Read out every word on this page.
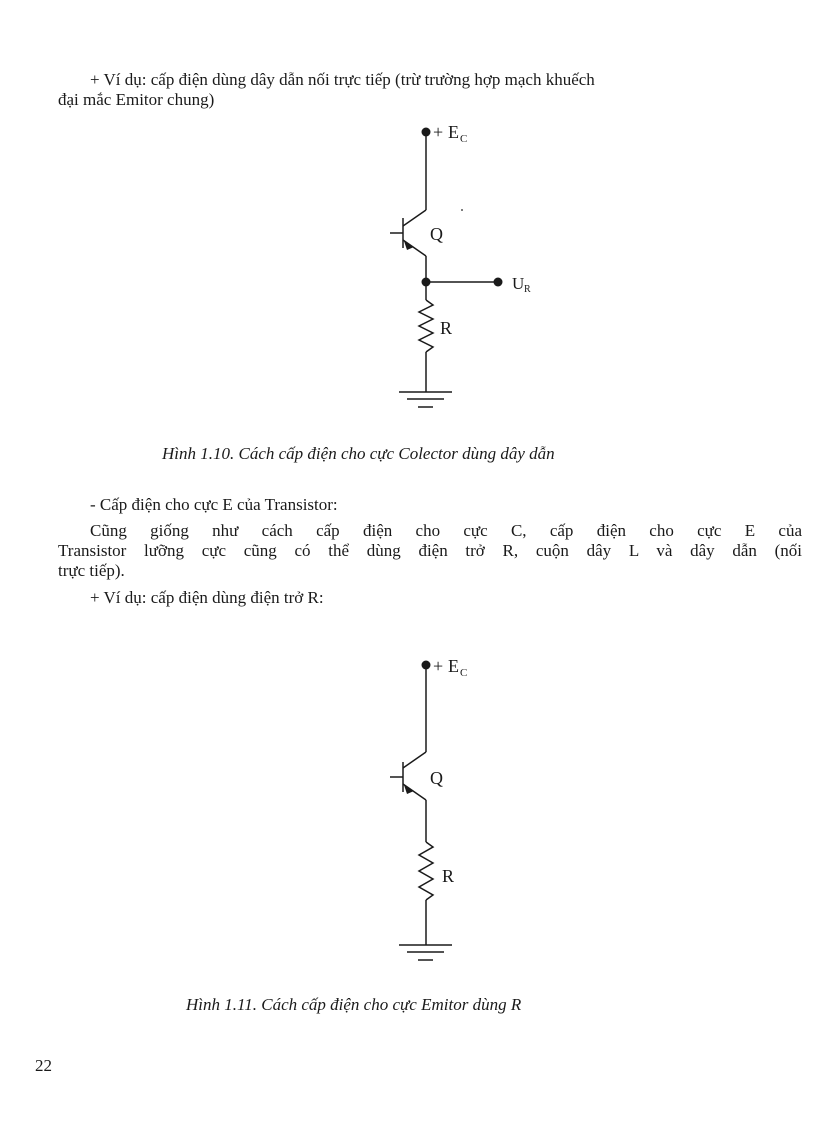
+ Ví dụ: cấp điện dùng dây dẫn nối trực tiếp (trừ trường hợp mạch khuếch
đại mắc Emitor chung)
+ E C
Q
U R
R
Hình 1.10. Cách cấp điện cho cực Colector dùng dây dẫn
- Cấp điện cho cực E của Transistor:
Cũng giống như cách cấp điện cho cực C, cấp điện cho cực E của
Transistor lưỡng cực cũng có thể dùng điện trở R, cuộn dây L và dây dẫn (nối
trực tiếp).
+ Ví dụ: cấp điện dùng điện trở R:
+ E C
Q
R
Hình 1.11. Cách cấp điện cho cực Emitor dùng R
22
